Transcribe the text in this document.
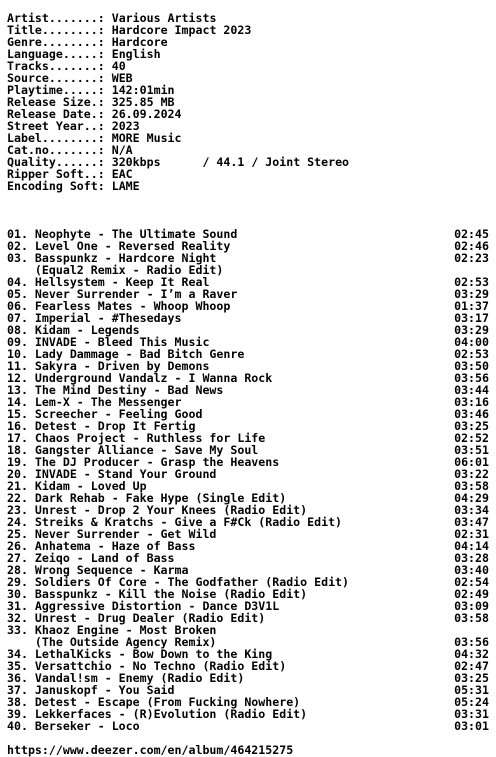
Artist.......: Various Artists
Title........: Hardcore Impact 2023
Genre........: Hardcore
Language.....: English
Tracks.......: 40
Source.......: WEB
Playtime.....: 142:01min
Release Size.: 325.85 MB
Release Date.: 26.09.2024
Street Year..: 2023
Label........: MORE Music
Cat.no.......: N/A
Quality......: 320kbps      / 44.1 / Joint Stereo
Ripper Soft..: EAC
Encoding Soft: LAME
01. Neophyte - The Ultimate Sound	02:45
02. Level One - Reversed Reality	02:46
03. Basspunkz - Hardcore Night	02:23
(Equal2 Remix - Radio Edit)
04. Hellsystem - Keep It Real	02:53
05. Never Surrender - I’m a Raver	03:29
06. Fearless Mates - Whoop Whoop	01:37
07. Imperial - #Thesedays	03:17
08. Kidam - Legends	03:29
09. INVADE - Bleed This Music	04:00
10. Lady Dammage - Bad Bitch Genre	02:53
11. Sakyra - Driven by Demons	03:50
12. Underground Vandalz - I Wanna Rock	03:56
13. The Mind Destiny - Bad News	03:44
14. Lem-X - The Messenger	03:16
15. Screecher - Feeling Good	03:46
16. Detest - Drop It Fertig	03:25
17. Chaos Project - Ruthless for Life	02:52
18. Gangster Alliance - Save My Soul	03:51
19. The DJ Producer - Grasp the Heavens	06:01
20. INVADE - Stand Your Ground	03:22
21. Kidam - Loved Up	03:58
22. Dark Rehab - Fake Hype (Single Edit)	04:29
23. Unrest - Drop 2 Your Knees (Radio Edit)	03:34
24. Streiks & Kratchs - Give a F#Ck (Radio Edit)	03:47
25. Never Surrender - Get Wild	02:31
26. Anhatema - Haze of Bass	04:14
27. Zeiqo - Land of Bass	03:28
28. Wrong Sequence - Karma	03:40
29. Soldiers Of Core - The Godfather (Radio Edit)	02:54
30. Basspunkz - Kill the Noise (Radio Edit)	02:49
31. Aggressive Distortion - Dance D3V1L	03:09
32. Unrest - Drug Dealer (Radio Edit)	03:58
33. Khaoz Engine - Most Broken
(The Outside Agency Remix)	03:56
34. LethalKicks - Bow Down to the King	04:32
35. Versattchio - No Techno (Radio Edit)	02:47
36. Vandal!sm - Enemy (Radio Edit)	03:25
37. Januskopf - You Said	05:31
38. Detest - Escape (From Fucking Nowhere)	05:24
39. Lekkerfaces - (R)Evolution (Radio Edit)	03:31
40. Berseker - Loco	03:01
https://www.deezer.com/en/album/464215275
